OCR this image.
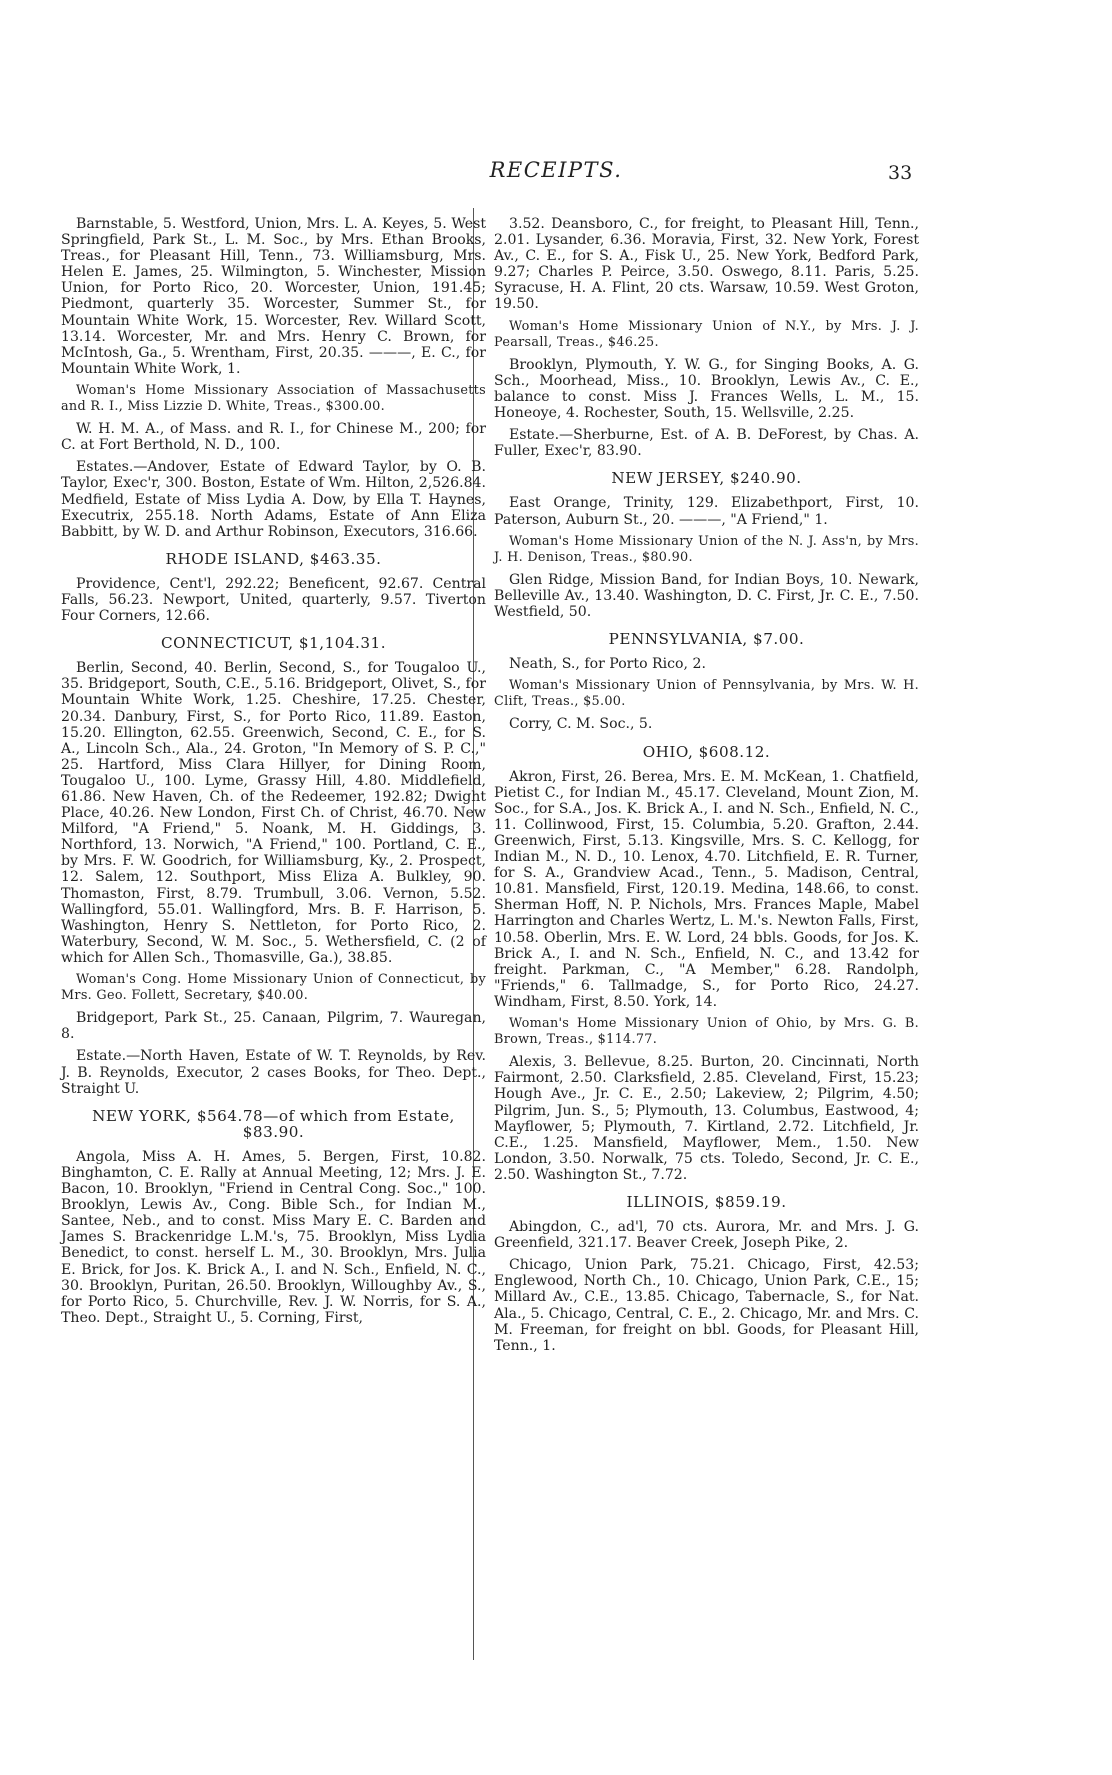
RECEIPTS.	33

Barnstable, 5. Westford, Union, Mrs. L. A. Keyes, 5. West Springfield, Park St., L. M. Soc., by Mrs. Ethan Brooks, Treas., for Pleasant Hill, Tenn., 73. Williamsburg, Mrs. Helen E. James, 25. Wilmington, 5. Winchester, Mission Union, for Porto Rico, 20. Worcester, Union, 191.45; Piedmont, quarterly 35. Worcester, Summer St., for Mountain White Work, 15. Worcester, Rev. Willard Scott, 13.14. Worcester, Mr. and Mrs. Henry C. Brown, for McIntosh, Ga., 5. Wrentham, First, 20.35. ———, E. C., for Mountain White Work, 1.

Woman's Home Missionary Association of Massachusetts and R. I., Miss Lizzie D. White, Treas., $300.00.

W. H. M. A., of Mass. and R. I., for Chinese M., 200; for C. at Fort Berthold, N. D., 100.

Estates.—Andover, Estate of Edward Taylor, by O. B. Taylor, Exec'r, 300. Boston, Estate of Wm. Hilton, 2,526.84. Medfield, Estate of Miss Lydia A. Dow, by Ella T. Haynes, Executrix, 255.18. North Adams, Estate of Ann Eliza Babbitt, by W. D. and Arthur Robinson, Executors, 316.66.

RHODE ISLAND, $463.35.

Providence, Cent'l, 292.22; Beneficent, 92.67. Central Falls, 56.23. Newport, United, quarterly, 9.57. Tiverton Four Corners, 12.66.

CONNECTICUT, $1,104.31.

Berlin, Second, 40. Berlin, Second, S., for Tougaloo U., 35. Bridgeport, South, C.E., 5.16. Bridgeport, Olivet, S., for Mountain White Work, 1.25. Cheshire, 17.25. Chester, 20.34. Danbury, First, S., for Porto Rico, 11.89. Easton, 15.20. Ellington, 62.55. Greenwich, Second, C. E., for S. A., Lincoln Sch., Ala., 24. Groton, "In Memory of S. P. C.," 25. Hartford, Miss Clara Hillyer, for Dining Room, Tougaloo U., 100. Lyme, Grassy Hill, 4.80. Middlefield, 61.86. New Haven, Ch. of the Redeemer, 192.82; Dwight Place, 40.26. New London, First Ch. of Christ, 46.70. New Milford, "A Friend," 5. Noank, M. H. Giddings, 3. Northford, 13. Norwich, "A Friend," 100. Portland, C. E., by Mrs. F. W. Goodrich, for Williamsburg, Ky., 2. Prospect, 12. Salem, 12. Southport, Miss Eliza A. Bulkley, 90. Thomaston, First, 8.79. Trumbull, 3.06. Vernon, 5.52. Wallingford, 55.01. Wallingford, Mrs. B. F. Harrison, 5. Washington, Henry S. Nettleton, for Porto Rico, 2. Waterbury, Second, W. M. Soc., 5. Wethersfield, C. (2 of which for Allen Sch., Thomasville, Ga.), 38.85.

Woman's Cong. Home Missionary Union of Connecticut, by Mrs. Geo. Follett, Secretary, $40.00.

Bridgeport, Park St., 25. Canaan, Pilgrim, 7. Wauregan, 8.

Estate.—North Haven, Estate of W. T. Reynolds, by Rev. J. B. Reynolds, Executor, 2 cases Books, for Theo. Dept., Straight U.

NEW YORK, $564.78—of which from Estate, $83.90.

Angola, Miss A. H. Ames, 5. Bergen, First, 10.82. Binghamton, C. E. Rally at Annual Meeting, 12; Mrs. J. E. Bacon, 10. Brooklyn, "Friend in Central Cong. Soc.," 100. Brooklyn, Lewis Av., Cong. Bible Sch., for Indian M., Santee, Neb., and to const. Miss Mary E. C. Barden and James S. Brackenridge L.M.'s, 75. Brooklyn, Miss Lydia Benedict, to const. herself L. M., 30. Brooklyn, Mrs. Julia E. Brick, for Jos. K. Brick A., I. and N. Sch., Enfield, N. C., 30. Brooklyn, Puritan, 26.50. Brooklyn, Willoughby Av., S., for Porto Rico, 5. Churchville, Rev. J. W. Norris, for S. A., Theo. Dept., Straight U., 5. Corning, First,

3.52. Deansboro, C., for freight, to Pleasant Hill, Tenn., 2.01. Lysander, 6.36. Moravia, First, 32. New York, Forest Av., C. E., for S. A., Fisk U., 25. New York, Bedford Park, 9.27; Charles P. Peirce, 3.50. Oswego, 8.11. Paris, 5.25. Syracuse, H. A. Flint, 20 cts. Warsaw, 10.59. West Groton, 19.50.

Woman's Home Missionary Union of N.Y., by Mrs. J. J. Pearsall, Treas., $46.25.

Brooklyn, Plymouth, Y. W. G., for Singing Books, A. G. Sch., Moorhead, Miss., 10. Brooklyn, Lewis Av., C. E., balance to const. Miss J. Frances Wells, L. M., 15. Honeoye, 4. Rochester, South, 15. Wellsville, 2.25.

Estate.—Sherburne, Est. of A. B. DeForest, by Chas. A. Fuller, Exec'r, 83.90.

NEW JERSEY, $240.90.

East Orange, Trinity, 129. Elizabethport, First, 10. Paterson, Auburn St., 20. ———, "A Friend," 1.

Woman's Home Missionary Union of the N. J. Ass'n, by Mrs. J. H. Denison, Treas., $80.90.

Glen Ridge, Mission Band, for Indian Boys, 10. Newark, Belleville Av., 13.40. Washington, D. C. First, Jr. C. E., 7.50. Westfield, 50.

PENNSYLVANIA, $7.00.

Neath, S., for Porto Rico, 2.

Woman's Missionary Union of Pennsylvania, by Mrs. W. H. Clift, Treas., $5.00.

Corry, C. M. Soc., 5.

OHIO, $608.12.

Akron, First, 26. Berea, Mrs. E. M. McKean, 1. Chatfield, Pietist C., for Indian M., 45.17. Cleveland, Mount Zion, M. Soc., for S.A., Jos. K. Brick A., I. and N. Sch., Enfield, N. C., 11. Collinwood, First, 15. Columbia, 5.20. Grafton, 2.44. Greenwich, First, 5.13. Kingsville, Mrs. S. C. Kellogg, for Indian M., N. D., 10. Lenox, 4.70. Litchfield, E. R. Turner, for S. A., Grandview Acad., Tenn., 5. Madison, Central, 10.81. Mansfield, First, 120.19. Medina, 148.66, to const. Sherman Hoff, N. P. Nichols, Mrs. Frances Maple, Mabel Harrington and Charles Wertz, L. M.'s. Newton Falls, First, 10.58. Oberlin, Mrs. E. W. Lord, 24 bbls. Goods, for Jos. K. Brick A., I. and N. Sch., Enfield, N. C., and 13.42 for freight. Parkman, C., "A Member," 6.28. Randolph, "Friends," 6. Tallmadge, S., for Porto Rico, 24.27. Windham, First, 8.50. York, 14.

Woman's Home Missionary Union of Ohio, by Mrs. G. B. Brown, Treas., $114.77.

Alexis, 3. Bellevue, 8.25. Burton, 20. Cincinnati, North Fairmont, 2.50. Clarksfield, 2.85. Cleveland, First, 15.23; Hough Ave., Jr. C. E., 2.50; Lakeview, 2; Pilgrim, 4.50; Pilgrim, Jun. S., 5; Plymouth, 13. Columbus, Eastwood, 4; Mayflower, 5; Plymouth, 7. Kirtland, 2.72. Litchfield, Jr. C.E., 1.25. Mansfield, Mayflower, Mem., 1.50. New London, 3.50. Norwalk, 75 cts. Toledo, Second, Jr. C. E., 2.50. Washington St., 7.72.

ILLINOIS, $859.19.

Abingdon, C., ad'l, 70 cts. Aurora, Mr. and Mrs. J. G. Greenfield, 321.17. Beaver Creek, Joseph Pike, 2.

Chicago, Union Park, 75.21. Chicago, First, 42.53; Englewood, North Ch., 10. Chicago, Union Park, C.E., 15; Millard Av., C.E., 13.85. Chicago, Tabernacle, S., for Nat. Ala., 5. Chicago, Central, C. E., 2. Chicago, Mr. and Mrs. C. M. Freeman, for freight on bbl. Goods, for Pleasant Hill, Tenn., 1.
